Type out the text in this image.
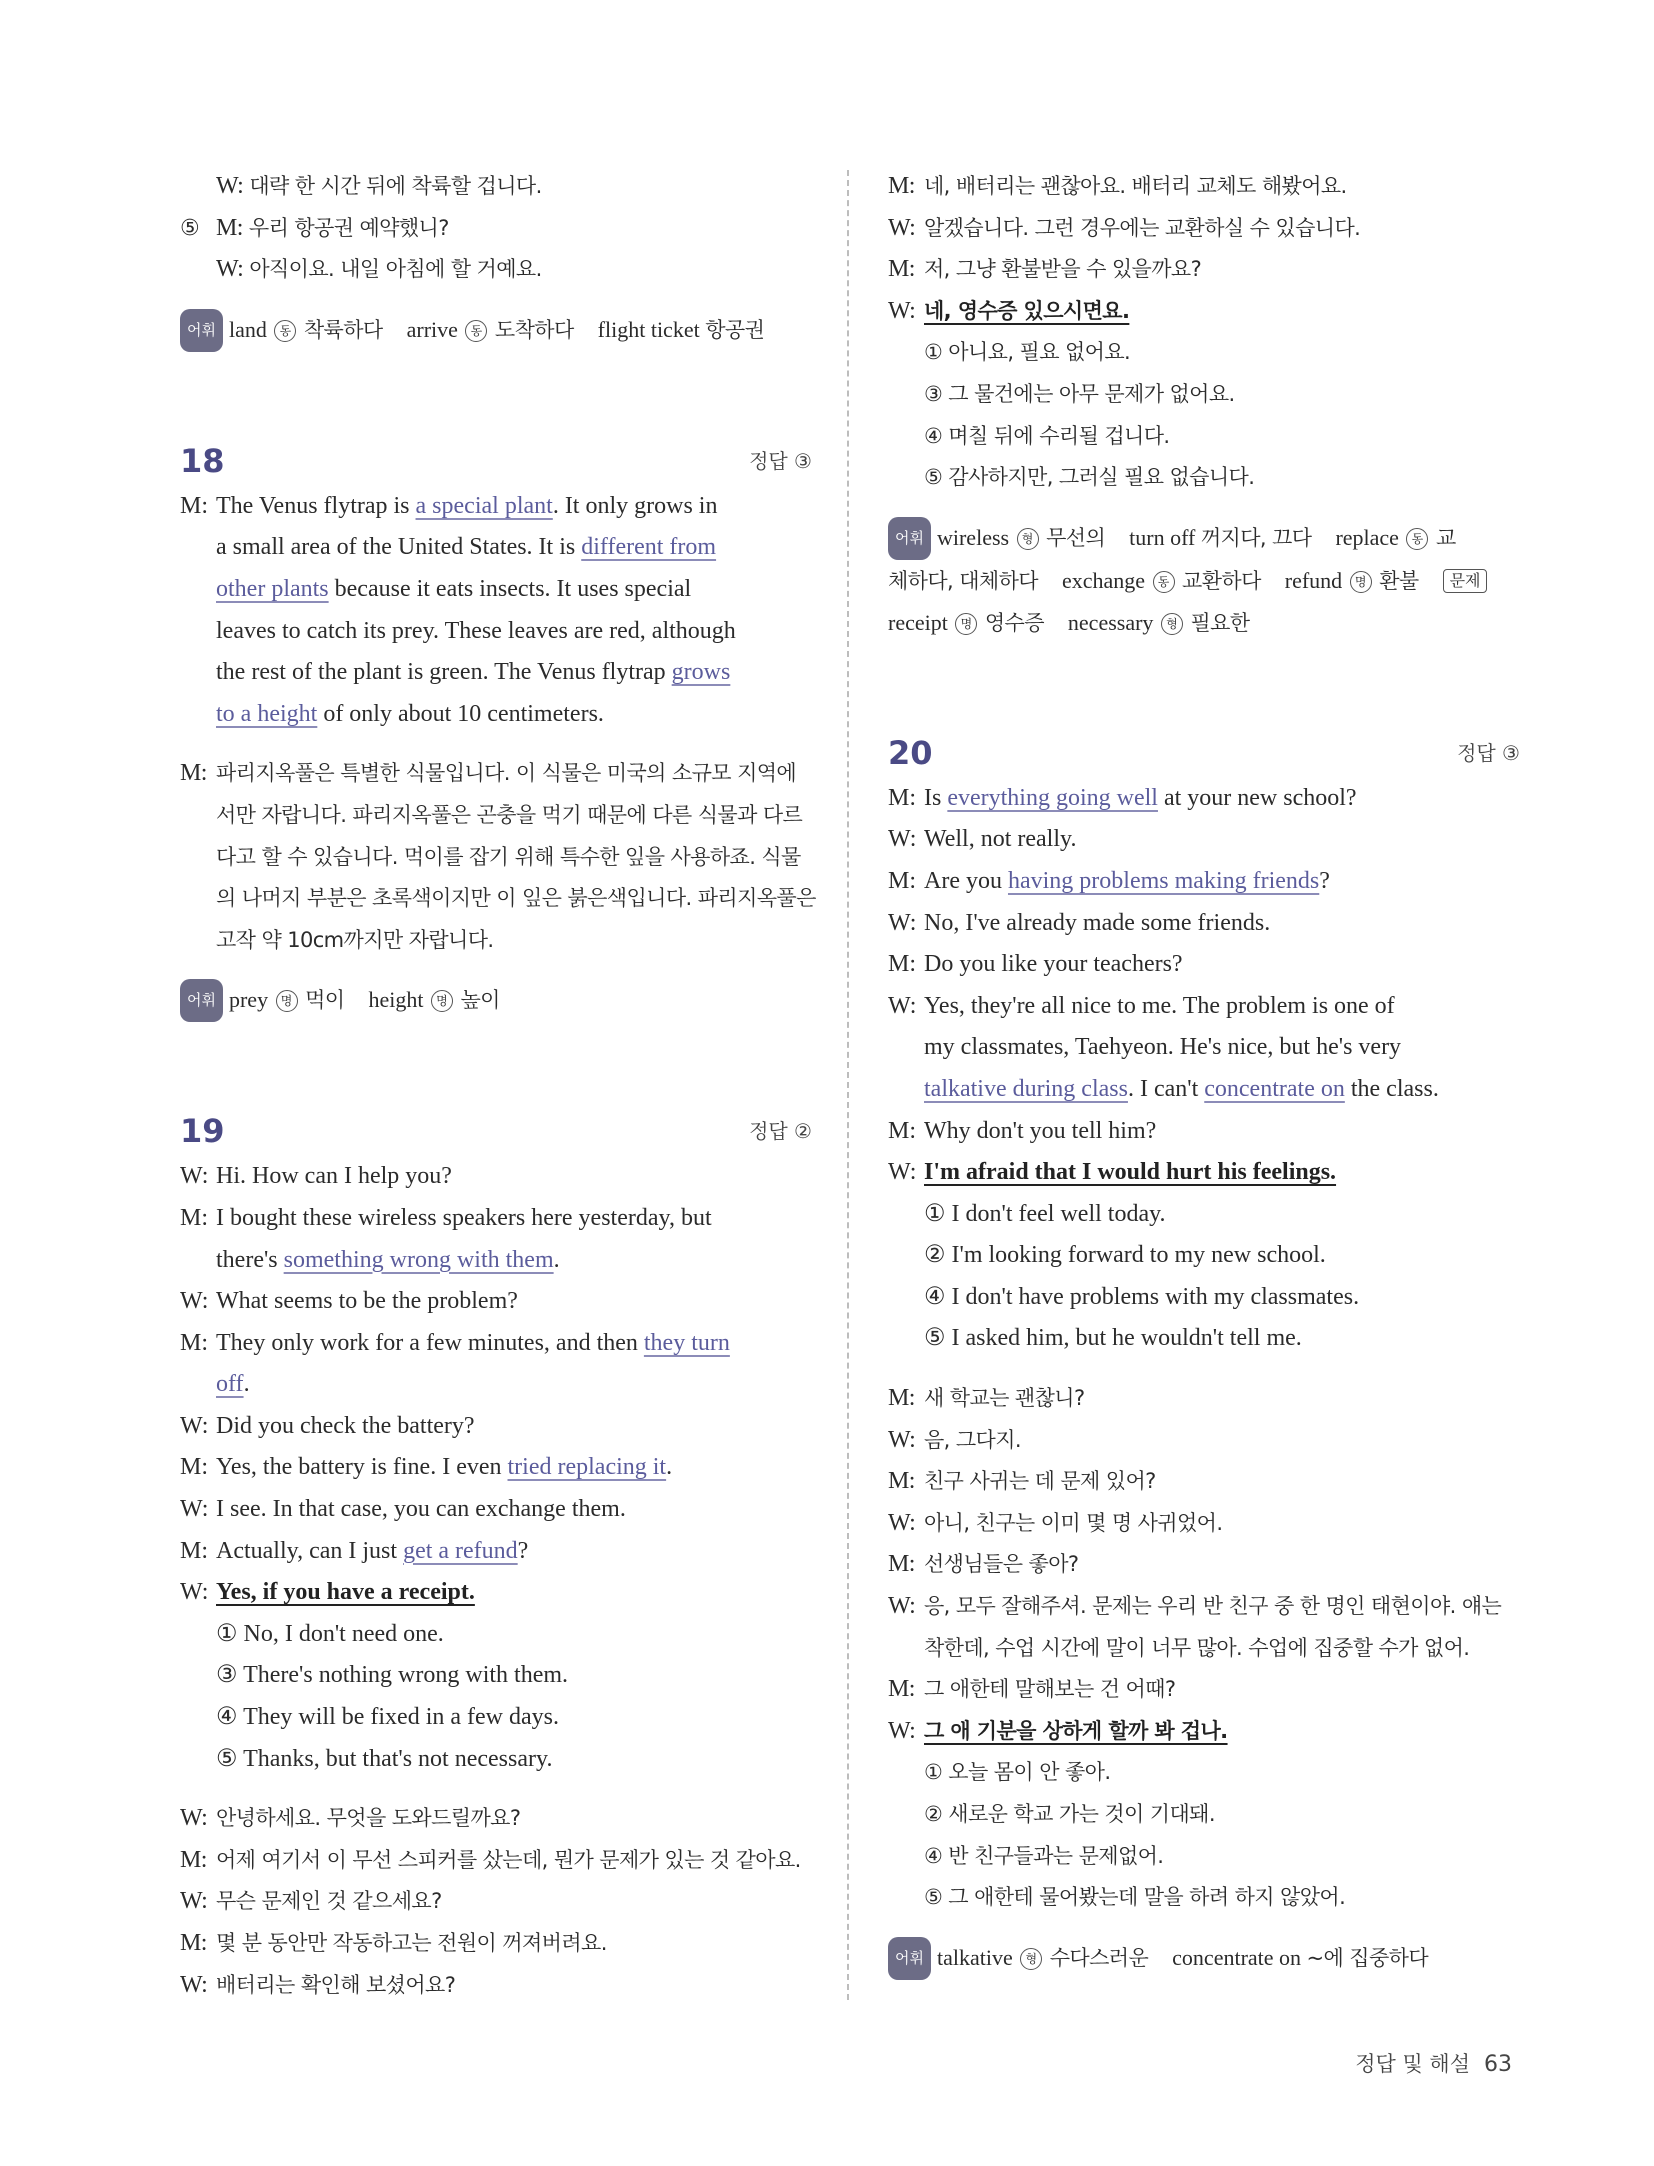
W: 대략 한 시간 뒤에 착륙할 겁니다.
⑤ M: 우리 항공권 예약했니?
W: 아직이요. 내일 아침에 할 거예요.
어휘 land 동 착륙하다 arrive 동 도착하다 flight ticket 항공권
18	정답 ③
M: The Venus flytrap is a special plant. It only grows in
a small area of the United States. It is different from
other plants because it eats insects. It uses special
leaves to catch its prey. These leaves are red, although
the rest of the plant is green. The Venus flytrap grows
to a height of only about 10 centimeters.
M: 파리지옥풀은 특별한 식물입니다. 이 식물은 미국의 소규모 지역에
서만 자랍니다. 파리지옥풀은 곤충을 먹기 때문에 다른 식물과 다르
다고 할 수 있습니다. 먹이를 잡기 위해 특수한 잎을 사용하죠. 식물
의 나머지 부분은 초록색이지만 이 잎은 붉은색입니다. 파리지옥풀은
고작 약 10cm까지만 자랍니다.
어휘 prey 명 먹이 height 명 높이
19	정답 ②
W: Hi. How can I help you?
M: I bought these wireless speakers here yesterday, but
there's something wrong with them.
W: What seems to be the problem?
M: They only work for a few minutes, and then they turn
off.
W: Did you check the battery?
M: Yes, the battery is fine. I even tried replacing it.
W: I see. In that case, you can exchange them.
M: Actually, can I just get a refund?
W: Yes, if you have a receipt.
① No, I don't need one.
③ There's nothing wrong with them.
④ They will be fixed in a few days.
⑤ Thanks, but that's not necessary.
W: 안녕하세요. 무엇을 도와드릴까요?
M: 어제 여기서 이 무선 스피커를 샀는데, 뭔가 문제가 있는 것 같아요.
W: 무슨 문제인 것 같으세요?
M: 몇 분 동안만 작동하고는 전원이 꺼져버려요.
W: 배터리는 확인해 보셨어요?
M: 네, 배터리는 괜찮아요. 배터리 교체도 해봤어요.
W: 알겠습니다. 그런 경우에는 교환하실 수 있습니다.
M: 저, 그냥 환불받을 수 있을까요?
W: 네, 영수증 있으시면요.
① 아니요, 필요 없어요.
③ 그 물건에는 아무 문제가 없어요.
④ 며칠 뒤에 수리될 겁니다.
⑤ 감사하지만, 그러실 필요 없습니다.
어휘 wireless 형 무선의 turn off 꺼지다, 끄다 replace 동 교
체하다, 대체하다 exchange 동 교환하다 refund 명 환불 문제
receipt 명 영수증 necessary 형 필요한
20	정답 ③
M: Is everything going well at your new school?
W: Well, not really.
M: Are you having problems making friends?
W: No, I've already made some friends.
M: Do you like your teachers?
W: Yes, they're all nice to me. The problem is one of
my classmates, Taehyeon. He's nice, but he's very
talkative during class. I can't concentrate on the class.
M: Why don't you tell him?
W: I'm afraid that I would hurt his feelings.
① I don't feel well today.
② I'm looking forward to my new school.
④ I don't have problems with my classmates.
⑤ I asked him, but he wouldn't tell me.
M: 새 학교는 괜찮니?
W: 음, 그다지.
M: 친구 사귀는 데 문제 있어?
W: 아니, 친구는 이미 몇 명 사귀었어.
M: 선생님들은 좋아?
W: 응, 모두 잘해주셔. 문제는 우리 반 친구 중 한 명인 태현이야. 얘는
착한데, 수업 시간에 말이 너무 많아. 수업에 집중할 수가 없어.
M: 그 애한테 말해보는 건 어때?
W: 그 애 기분을 상하게 할까 봐 겁나.
① 오늘 몸이 안 좋아.
② 새로운 학교 가는 것이 기대돼.
④ 반 친구들과는 문제없어.
⑤ 그 애한테 물어봤는데 말을 하려 하지 않았어.
어휘 talkative 형 수다스러운 concentrate on ~에 집중하다
정답 및 해설 63
